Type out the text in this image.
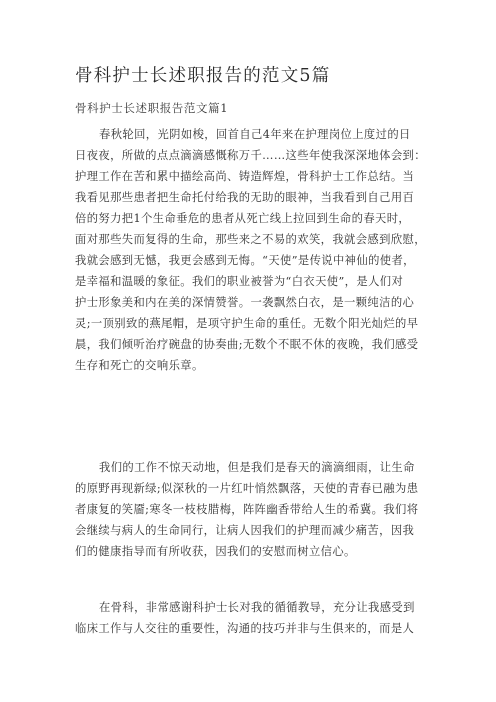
骨科护士长述职报告的范文5篇
骨科护士长述职报告范文篇1
春秋轮回，光阴如梭，回首自己4年来在护理岗位上度过的日
日夜夜，所做的点点滴滴感慨称万千……这些年使我深深地体会到：
护理工作在苦和累中描绘高尚、铸造辉煌，骨科护士工作总结。当
我看见那些患者把生命托付给我的无助的眼神，当我看到自己用百
倍的努力把1个生命垂危的患者从死亡线上拉回到生命的春天时，
面对那些失而复得的生命，那些来之不易的欢笑，我就会感到欣慰，
我就会感到无憾，我更会感到无悔。“天使”是传说中神仙的使者，
是幸福和温暖的象征。我们的职业被誉为“白衣天使”，是人们对
护士形象美和内在美的深情赞誉。一袭飘然白衣，是一颗纯洁的心
灵;一顶别致的燕尾帽，是项守护生命的重任。无数个阳光灿烂的早
晨，我们倾听治疗碗盘的协奏曲;无数个不眠不休的夜晚，我们感受
生存和死亡的交响乐章。
我们的工作不惊天动地，但是我们是春天的滴滴细雨，让生命
的原野再现新绿;似深秋的一片红叶悄然飘落，天使的青春已融为患
者康复的笑靥;寒冬一枝枝腊梅，阵阵幽香带给人生的希冀。我们将
会继续与病人的生命同行，让病人因我们的护理而减少痛苦，因我
们的健康指导而有所收获，因我们的安慰而树立信心。
在骨科，非常感谢科护士长对我的循循教导，充分让我感受到
临床工作与人交往的重要性，沟通的技巧并非与生俱来的，而是人
